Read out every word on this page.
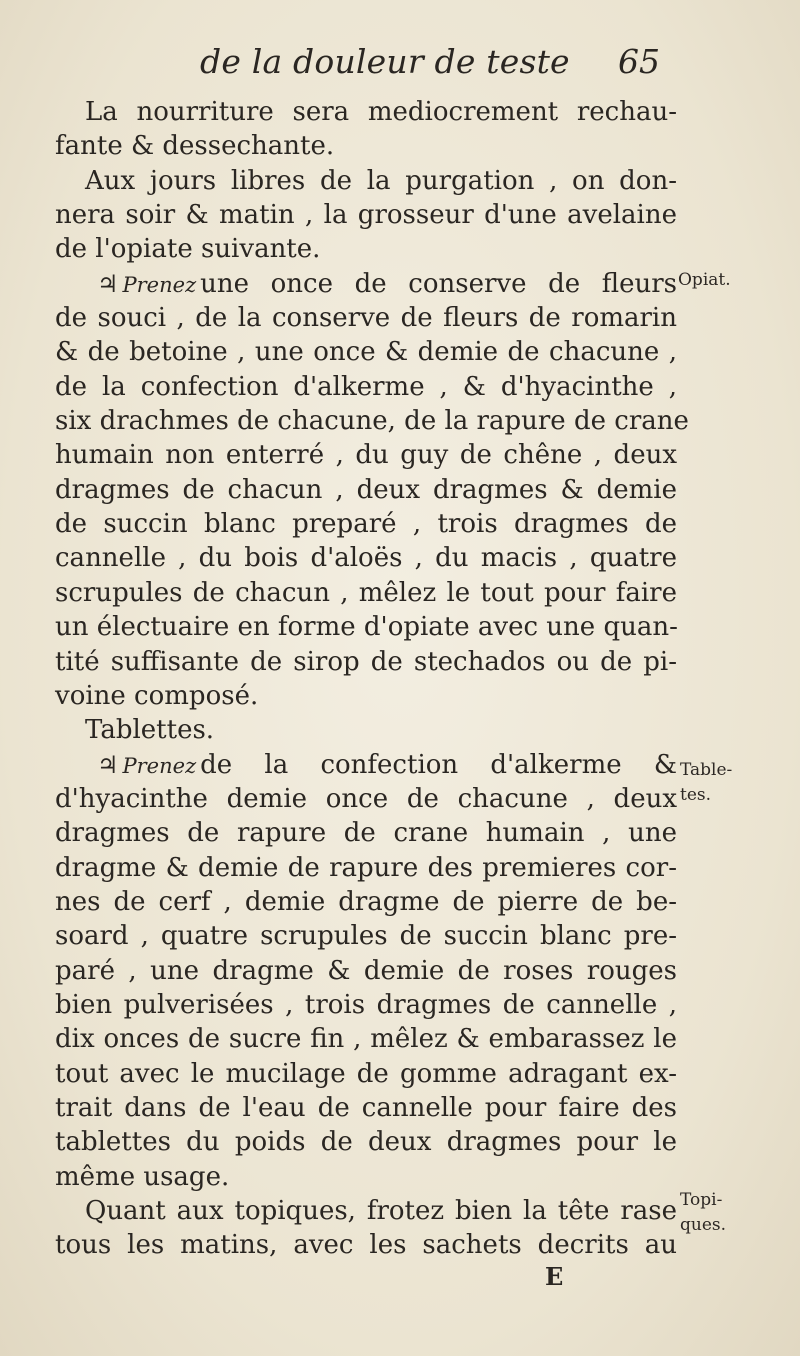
de la douleur de teste 65
La nourriture sera mediocrement rechau-
fante & dessechante.
Aux jours libres de la purgation , on don-
nera soir & matin , la grosseur d'une avelaine
de l'opiate suivante.
♃ Prenez une once de conserve de fleurs
de souci , de la conserve de fleurs de romarin
& de betoine , une once & demie de chacune ,
de la confection d'alkerme , & d'hyacinthe ,
six drachmes de chacune, de la rapure de crane
humain non enterré , du guy de chêne , deux
dragmes de chacun , deux dragmes & demie
de succin blanc preparé , trois dragmes de
cannelle , du bois d'aloës , du macis , quatre
scrupules de chacun , mêlez le tout pour faire
un électuaire en forme d'opiate avec une quan-
tité suffisante de sirop de stechados ou de pi-
voine composé.
Tablettes.
♃ Prenez de la confection d'alkerme &
d'hyacinthe demie once de chacune , deux
dragmes de rapure de crane humain , une
dragme & demie de rapure des premieres cor-
nes de cerf , demie dragme de pierre de be-
soard , quatre scrupules de succin blanc pre-
paré , une dragme & demie de roses rouges
bien pulverisées , trois dragmes de cannelle ,
dix onces de sucre fin , mêlez & embarassez le
tout avec le mucilage de gomme adragant ex-
trait dans de l'eau de cannelle pour faire des
tablettes du poids de deux dragmes pour le
même usage.
Quant aux topiques, frotez bien la tête rase
tous les matins, avec les sachets decrits au
Opiat.
Table-
tes.
Topi-
ques.
E
